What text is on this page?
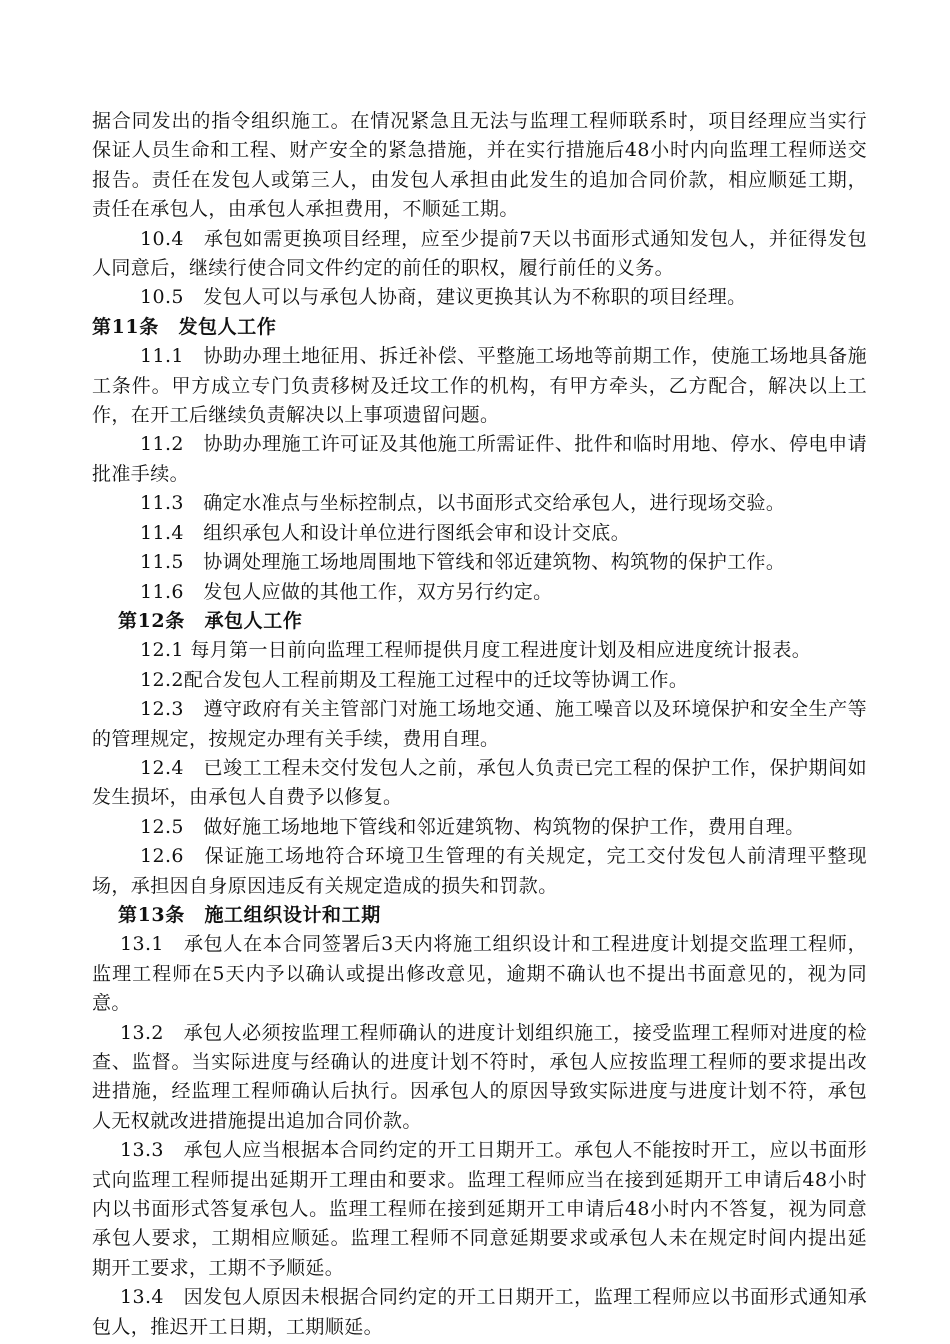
据合同发出的指令组织施工。在情况紧急且无法与监理工程师联系时，项目经理应当实行保证人员生命和工程、财产安全的紧急措施，并在实行措施后48小时内向监理工程师送交报告。责任在发包人或第三人，由发包人承担由此发生的追加合同价款，相应顺延工期，责任在承包人，由承包人承担费用，不顺延工期。

10.4　承包如需更换项目经理，应至少提前7天以书面形式通知发包人，并征得发包人同意后，继续行使合同文件约定的前任的职权，履行前任的义务。

10.5　发包人可以与承包人协商，建议更换其认为不称职的项目经理。

第11条　发包人工作

11.1　协助办理土地征用、拆迁补偿、平整施工场地等前期工作，使施工场地具备施工条件。甲方成立专门负责移树及迁坟工作的机构，有甲方牵头，乙方配合，解决以上工作，在开工后继续负责解决以上事项遗留问题。

11.2　协助办理施工许可证及其他施工所需证件、批件和临时用地、停水、停电申请批准手续。

11.3　确定水准点与坐标控制点，以书面形式交给承包人，进行现场交验。

11.4　组织承包人和设计单位进行图纸会审和设计交底。

11.5　协调处理施工场地周围地下管线和邻近建筑物、构筑物的保护工作。

11.6　发包人应做的其他工作，双方另行约定。

第12条　承包人工作

12.1 每月第一日前向监理工程师提供月度工程进度计划及相应进度统计报表。

12.2配合发包人工程前期及工程施工过程中的迁坟等协调工作。

12.3　遵守政府有关主管部门对施工场地交通、施工噪音以及环境保护和安全生产等的管理规定，按规定办理有关手续，费用自理。

12.4　已竣工工程未交付发包人之前，承包人负责已完工程的保护工作，保护期间如发生损坏，由承包人自费予以修复。

12.5　做好施工场地地下管线和邻近建筑物、构筑物的保护工作，费用自理。

12.6　保证施工场地符合环境卫生管理的有关规定，完工交付发包人前清理平整现场，承担因自身原因违反有关规定造成的损失和罚款。

第13条　施工组织设计和工期

13.1　承包人在本合同签署后3天内将施工组织设计和工程进度计划提交监理工程师，监理工程师在5天内予以确认或提出修改意见，逾期不确认也不提出书面意见的，视为同意。

13.2　承包人必须按监理工程师确认的进度计划组织施工，接受监理工程师对进度的检查、监督。当实际进度与经确认的进度计划不符时，承包人应按监理工程师的要求提出改进措施，经监理工程师确认后执行。因承包人的原因导致实际进度与进度计划不符，承包人无权就改进措施提出追加合同价款。

13.3　承包人应当根据本合同约定的开工日期开工。承包人不能按时开工，应以书面形式向监理工程师提出延期开工理由和要求。监理工程师应当在接到延期开工申请后48小时内以书面形式答复承包人。监理工程师在接到延期开工申请后48小时内不答复，视为同意承包人要求，工期相应顺延。监理工程师不同意延期要求或承包人未在规定时间内提出延期开工要求，工期不予顺延。

13.4　因发包人原因未根据合同约定的开工日期开工，监理工程师应以书面形式通知承包人，推迟开工日期，工期顺延。
